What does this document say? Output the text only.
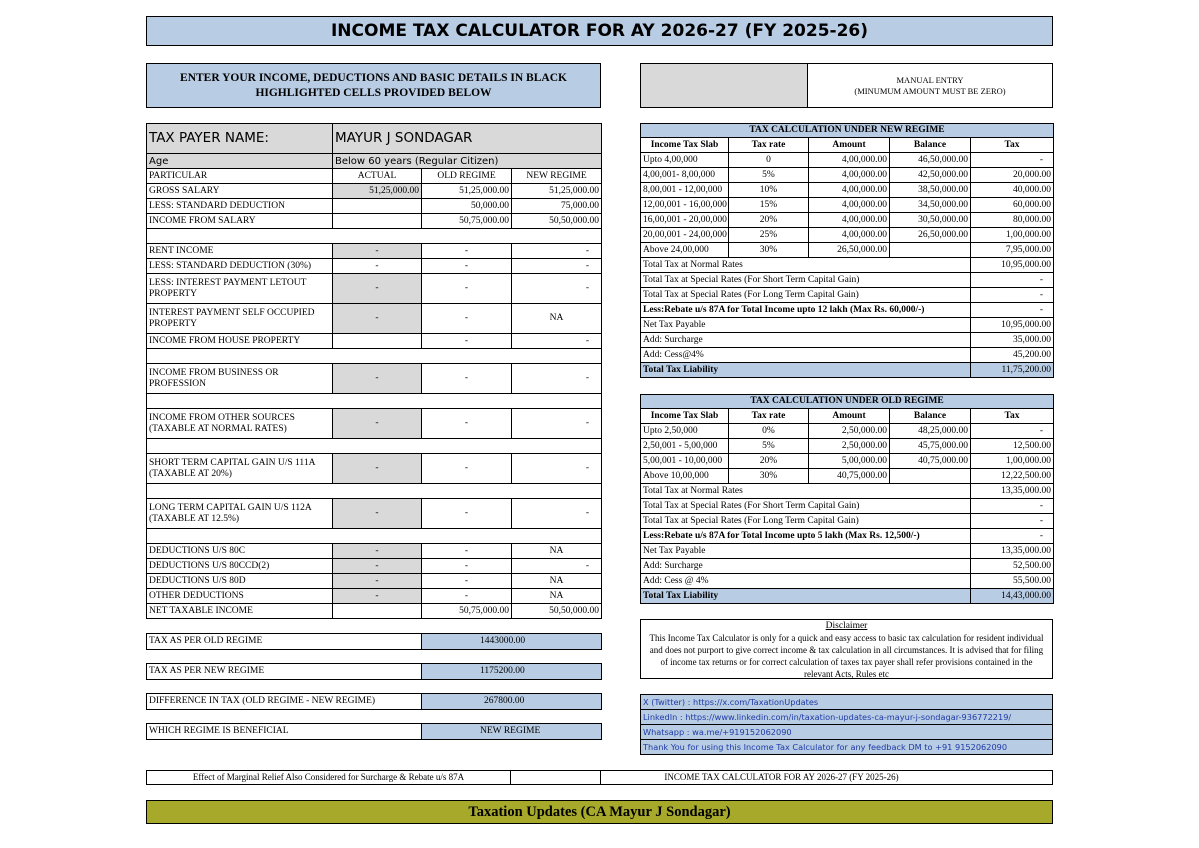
INCOME TAX CALCULATOR FOR AY 2026-27 (FY 2025-26)
ENTER YOUR INCOME, DEDUCTIONS AND BASIC DETAILS IN BLACK HIGHLIGHTED CELLS PROVIDED BELOW
MANUAL ENTRY
(MINUMUM AMOUNT MUST BE ZERO)
TAX PAYER NAME:	MAYUR J SONDAGAR		
Age	Below 60 years (Regular Citizen)		
PARTICULAR	ACTUAL	OLD REGIME	NEW REGIME
GROSS SALARY	51,25,000.00	51,25,000.00	51,25,000.00
LESS: STANDARD DEDUCTION		50,000.00	75,000.00
INCOME FROM SALARY		50,75,000.00	50,50,000.00

RENT INCOME	-	-	-
LESS: STANDARD DEDUCTION (30%)	-	-	-

LESS: INTEREST PAYMENT LETOUT
PROPERTY	-	-	-

INTEREST PAYMENT SELF OCCUPIED
PROPERTY	-	-	NA
INCOME FROM HOUSE PROPERTY		-	-

INCOME FROM BUSINESS OR
PROFESSION	-	-	-

INCOME FROM OTHER SOURCES
(TAXABLE AT NORMAL RATES)	-	-	-

SHORT TERM CAPITAL GAIN U/S 111A
(TAXABLE AT 20%)	-	-	-

LONG TERM CAPITAL GAIN U/S 112A
(TAXABLE AT 12.5%)	-	-	-

DEDUCTIONS U/S 80C	-	-	NA
DEDUCTIONS U/S 80CCD(2)	-	-	-
DEDUCTIONS U/S 80D	-	-	NA
OTHER DEDUCTIONS	-	-	NA
NET TAXABLE INCOME		50,75,000.00	50,50,000.00

TAX AS PER OLD REGIME		1443000.00	

TAX AS PER NEW REGIME		1175200.00	

DIFFERENCE IN TAX (OLD REGIME - NEW REGIME)		267800.00	

WHICH REGIME IS BENEFICIAL		NEW REGIME	
TAX CALCULATION UNDER NEW REGIME				
Income Tax Slab	Tax rate	Amount	Balance	Tax
Upto 4,00,000	0	4,00,000.00	46,50,000.00	-
4,00,001- 8,00,000	5%	4,00,000.00	42,50,000.00	20,000.00
8,00,001 - 12,00,000	10%	4,00,000.00	38,50,000.00	40,000.00
12,00,001 - 16,00,000	15%	4,00,000.00	34,50,000.00	60,000.00
16,00,001 - 20,00,000	20%	4,00,000.00	30,50,000.00	80,000.00
20,00,001 - 24,00,000	25%	4,00,000.00	26,50,000.00	1,00,000.00
Above 24,00,000	30%	26,50,000.00		7,95,000.00
Total Tax at Normal Rates				10,95,000.00
Total Tax at Special Rates (For Short Term Capital Gain)				-
Total Tax at Special Rates (For Long Term Capital Gain)				-
Less:Rebate u/s 87A for Total Income upto 12 lakh (Max Rs. 60,000/-)				-
Net Tax Payable				10,95,000.00
Add: Surcharge				35,000.00
Add: Cess@4%				45,200.00
Total Tax Liability				11,75,200.00
TAX CALCULATION UNDER OLD REGIME				
Income Tax Slab	Tax rate	Amount	Balance	Tax
Upto 2,50,000	0%	2,50,000.00	48,25,000.00	-
2,50,001 - 5,00,000	5%	2,50,000.00	45,75,000.00	12,500.00
5,00,001 - 10,00,000	20%	5,00,000.00	40,75,000.00	1,00,000.00
Above 10,00,000	30%	40,75,000.00		12,22,500.00
Total Tax at Normal Rates				13,35,000.00
Total Tax at Special Rates (For Short Term Capital Gain)				-
Total Tax at Special Rates (For Long Term Capital Gain)				-
Less:Rebate u/s 87A for Total Income upto 5 lakh (Max Rs. 12,500/-)				-
Net Tax Payable				13,35,000.00
Add: Surcharge				52,500.00
Add: Cess @ 4%				55,500.00
Total Tax Liability				14,43,000.00
Disclaimer
This Income Tax Calculator is only for a quick and easy access to basic tax calculation for resident individual and does not purport to give correct income & tax calculation in all circumstances. It is advised that for filing of income tax returns or for correct calculation of taxes tax payer shall refer provisions contained in the relevant Acts, Rules etc
X (Twitter) : https://x.com/TaxationUpdates
LinkedIn : https://www.linkedin.com/in/taxation-updates-ca-mayur-j-sondagar-936772219/
Whatsapp : wa.me/+919152062090
Thank You for using this Income Tax Calculator for any feedback DM to +91 9152062090
Effect of Marginal Relief Also Considered for Surcharge & Rebate u/s 87A	INCOME TAX CALCULATOR FOR AY 2026-27 (FY 2025-26)
Taxation Updates (CA Mayur J Sondagar)
